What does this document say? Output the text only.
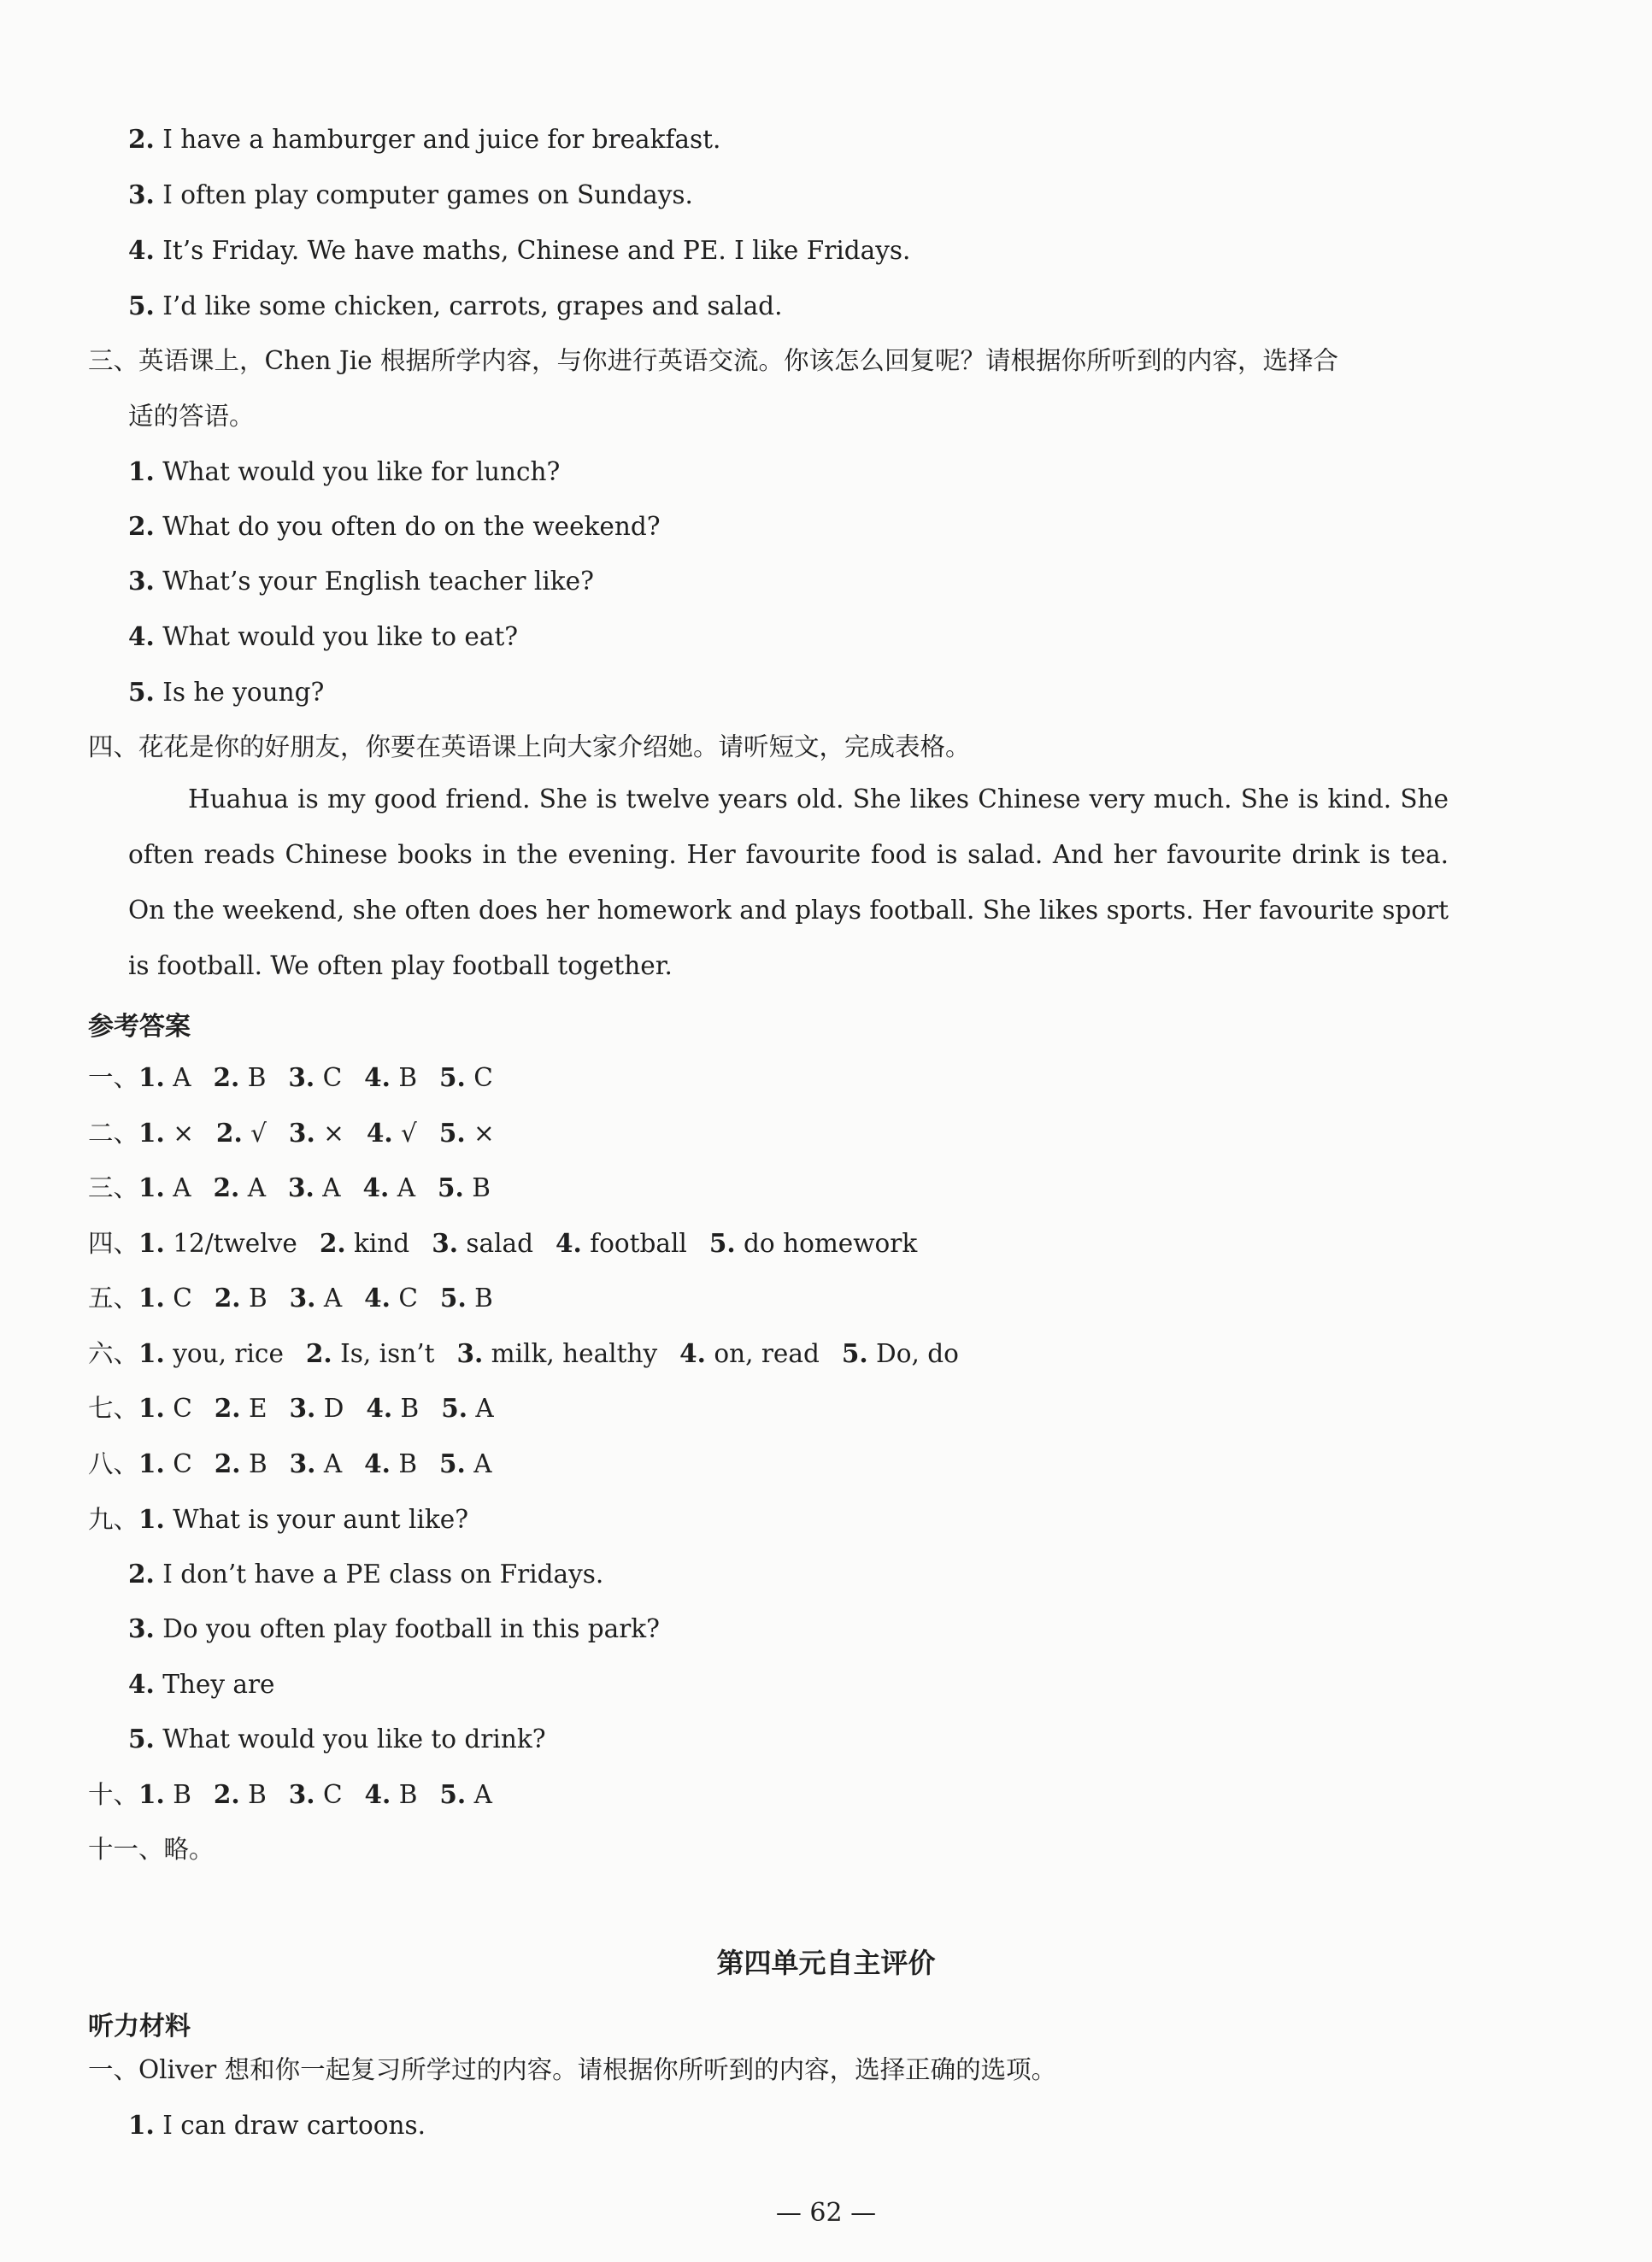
2. I have a hamburger and juice for breakfast.
3. I often play computer games on Sundays.
4. It’s Friday. We have maths, Chinese and PE. I like Fridays.
5. I’d like some chicken, carrots, grapes and salad.
三、英语课上，Chen Jie 根据所学内容，与你进行英语交流。你该怎么回复呢？请根据你所听到的内容，选择合
适的答语。
1. What would you like for lunch?
2. What do you often do on the weekend?
3. What’s your English teacher like?
4. What would you like to eat?
5. Is he young?
四、花花是你的好朋友，你要在英语课上向大家介绍她。请听短文，完成表格。
Huahua is my good friend. She is twelve years old. She likes Chinese very much. She is kind. She often reads Chinese books in the evening. Her favourite food is salad. And her favourite drink is tea. On the weekend, she often does her homework and plays football. She likes sports. Her favourite sport is football. We often play football together.
参考答案
一、1. A 2. B 3. C 4. B 5. C
二、1. × 2. √ 3. × 4. √ 5. ×
三、1. A 2. A 3. A 4. A 5. B
四、1. 12/twelve 2. kind 3. salad 4. football 5. do homework
五、1. C 2. B 3. A 4. C 5. B
六、1. you, rice 2. Is, isn’t 3. milk, healthy 4. on, read 5. Do, do
七、1. C 2. E 3. D 4. B 5. A
八、1. C 2. B 3. A 4. B 5. A
九、1. What is your aunt like?
2. I don’t have a PE class on Fridays.
3. Do you often play football in this park?
4. They are
5. What would you like to drink?
十、1. B 2. B 3. C 4. B 5. A
十一、略。
第四单元自主评价
听力材料
一、Oliver 想和你一起复习所学过的内容。请根据你所听到的内容，选择正确的选项。
1. I can draw cartoons.
— 62 —
